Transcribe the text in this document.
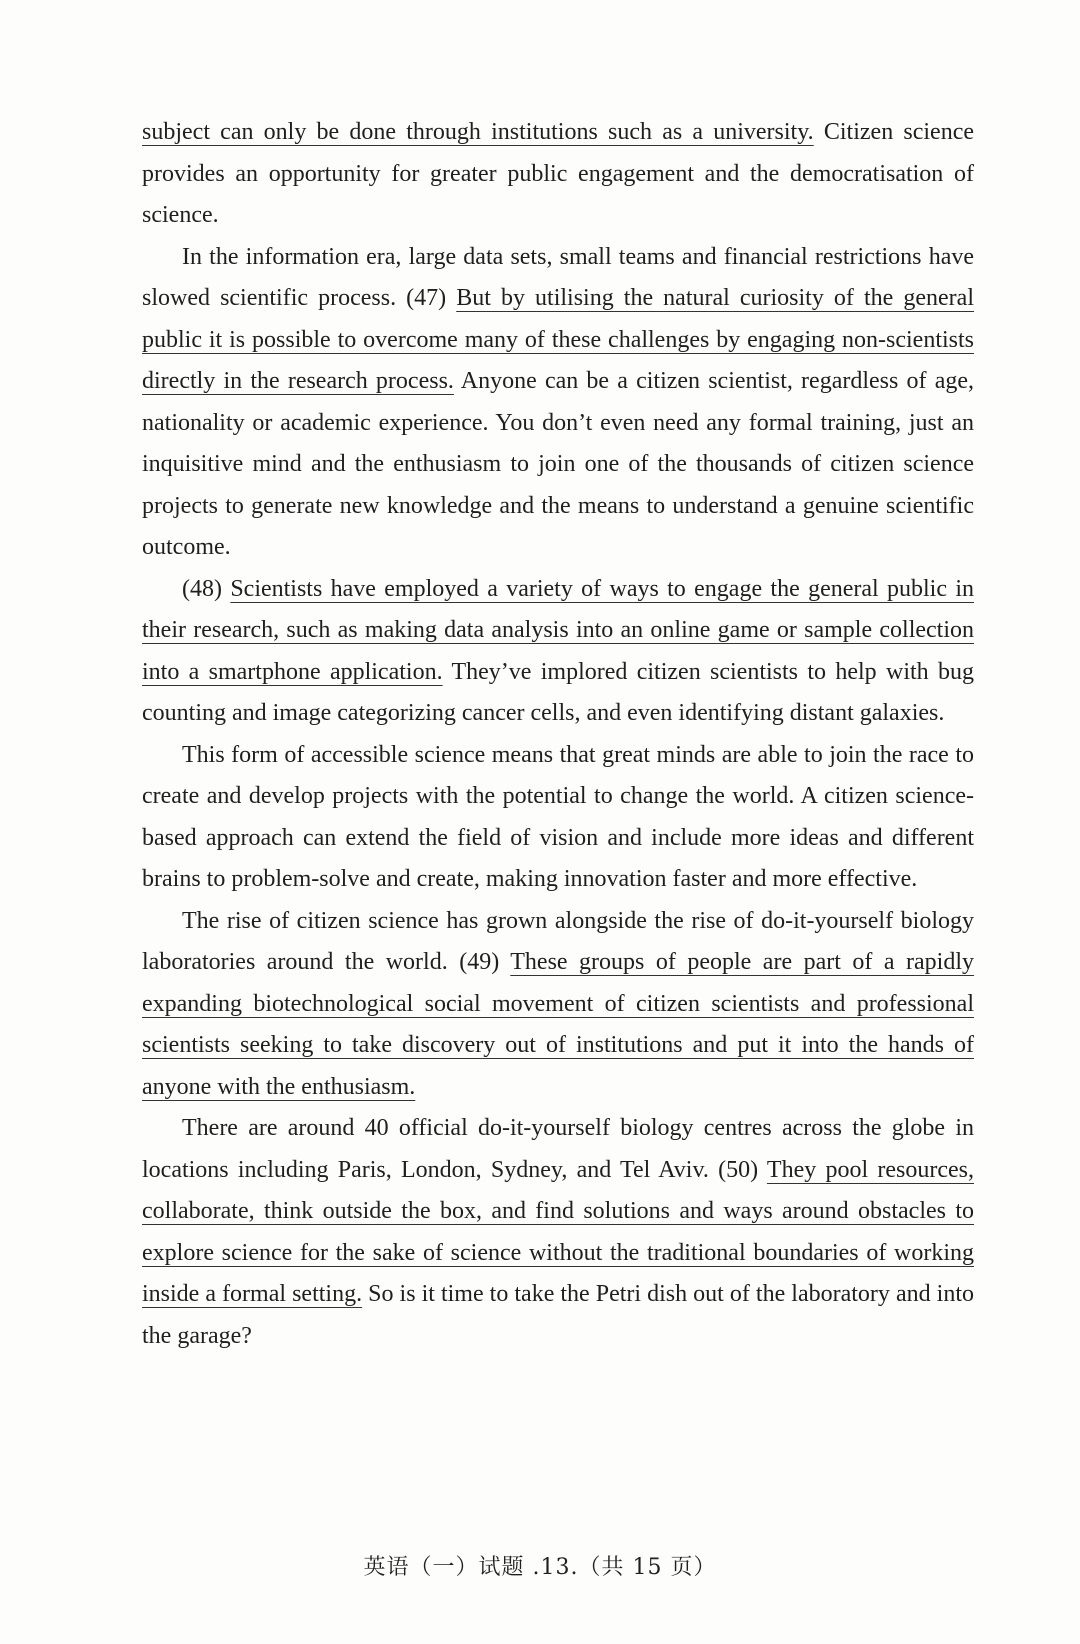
subject can only be done through institutions such as a university. Citizen science provides an opportunity for greater public engagement and the democratisation of science.

In the information era, large data sets, small teams and financial restrictions have slowed scientific process. (47) But by utilising the natural curiosity of the general public it is possible to overcome many of these challenges by engaging non-scientists directly in the research process. Anyone can be a citizen scientist, regardless of age, nationality or academic experience. You don’t even need any formal training, just an inquisitive mind and the enthusiasm to join one of the thousands of citizen science projects to generate new knowledge and the means to understand a genuine scientific outcome.

(48) Scientists have employed a variety of ways to engage the general public in their research, such as making data analysis into an online game or sample collection into a smartphone application. They’ve implored citizen scientists to help with bug counting and image categorizing cancer cells, and even identifying distant galaxies.

This form of accessible science means that great minds are able to join the race to create and develop projects with the potential to change the world. A citizen science-based approach can extend the field of vision and include more ideas and different brains to problem-solve and create, making innovation faster and more effective.

The rise of citizen science has grown alongside the rise of do-it-yourself biology laboratories around the world. (49) These groups of people are part of a rapidly expanding biotechnological social movement of citizen scientists and professional scientists seeking to take discovery out of institutions and put it into the hands of anyone with the enthusiasm.

There are around 40 official do-it-yourself biology centres across the globe in locations including Paris, London, Sydney, and Tel Aviv. (50) They pool resources, collaborate, think outside the box, and find solutions and ways around obstacles to explore science for the sake of science without the traditional boundaries of working inside a formal setting. So is it time to take the Petri dish out of the laboratory and into the garage?

英语（一）试题 .13.（共 15 页）
